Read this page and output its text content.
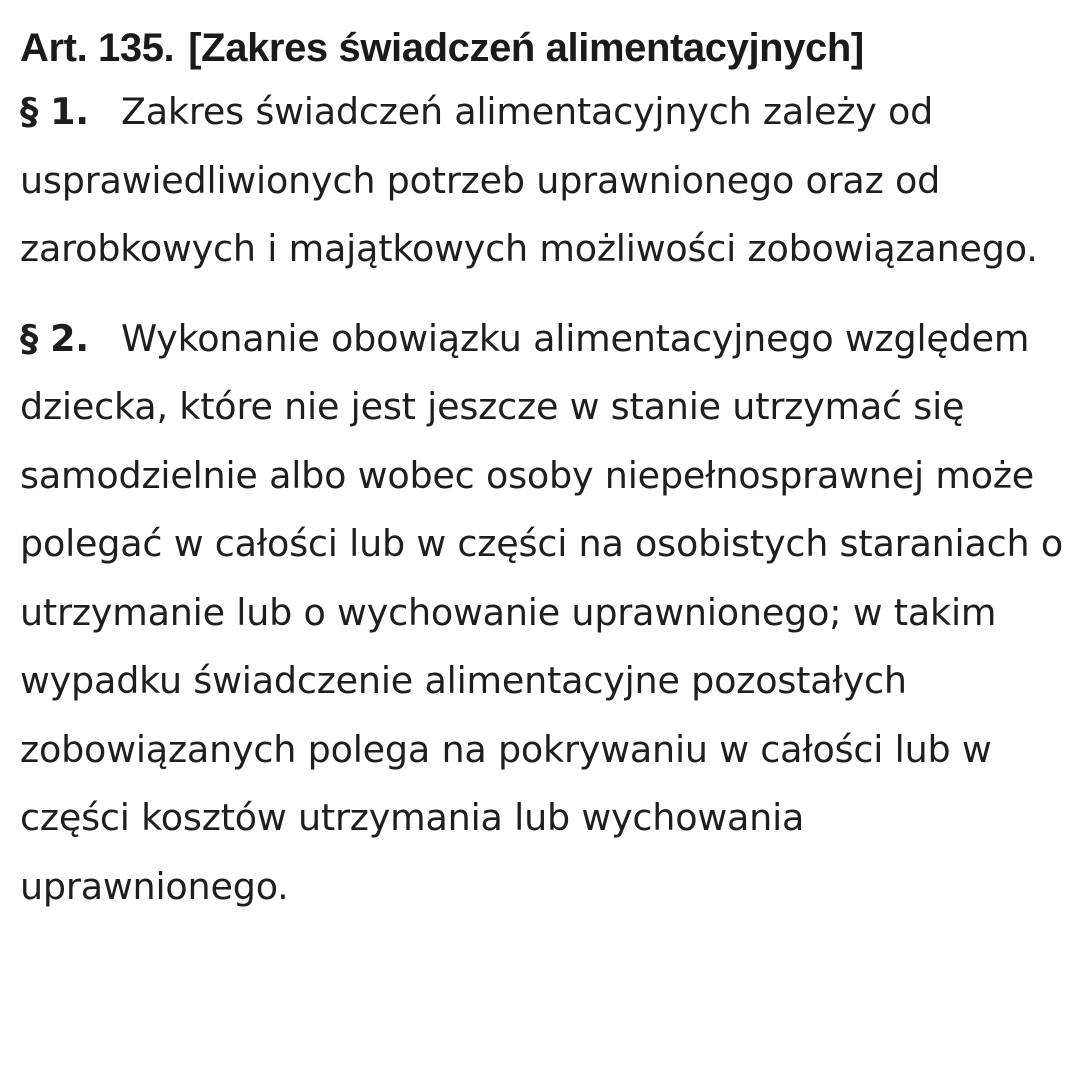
Art. 135. [Zakres świadczeń alimentacyjnych]

§ 1. Zakres świadczeń alimentacyjnych zależy od usprawiedliwionych potrzeb uprawnionego oraz od zarobkowych i majątkowych możliwości zobowiązanego.

§ 2. Wykonanie obowiązku alimentacyjnego względem dziecka, które nie jest jeszcze w stanie utrzymać się samodzielnie albo wobec osoby niepełnosprawnej może polegać w całości lub w części na osobistych staraniach o utrzymanie lub o wychowanie uprawnionego; w takim wypadku świadczenie alimentacyjne pozostałych zobowiązanych polega na pokrywaniu w całości lub w części kosztów utrzymania lub wychowania uprawnionego.
